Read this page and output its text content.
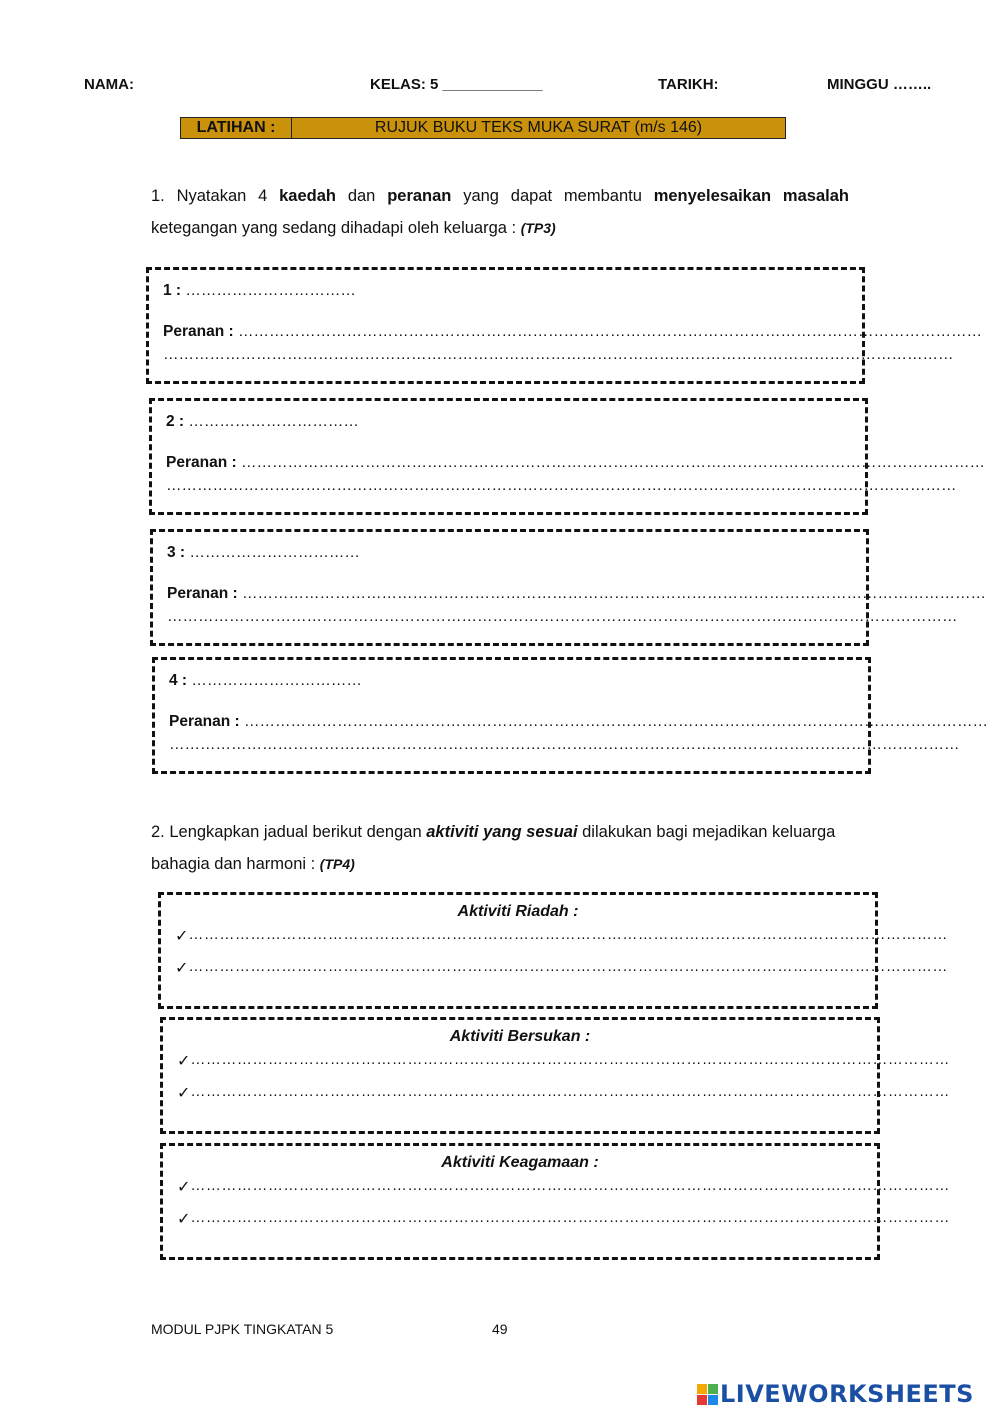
NAMA:	KELAS: 5 ____________	TARIKH:	MINGGU ……..
LATIHAN :	RUJUK BUKU TEKS MUKA SURAT (m/s 146)
1. Nyatakan 4 kaedah dan peranan yang dapat membantu menyelesaikan masalah ketegangan yang sedang dihadapi oleh keluarga : (TP3)
1 : ……………………………
Peranan : ………………………………………………………………………………………………………………………………
………………………………………………………………………………………………………………………………………
2 : ……………………………
Peranan : ………………………………………………………………………………………………………………………………
………………………………………………………………………………………………………………………………………
3 : ……………………………
Peranan : ………………………………………………………………………………………………………………………………
………………………………………………………………………………………………………………………………………
4 : ……………………………
Peranan : ………………………………………………………………………………………………………………………………
………………………………………………………………………………………………………………………………………
2. Lengkapkan jadual berikut dengan aktiviti yang sesuai dilakukan bagi mejadikan keluarga bahagia dan harmoni : (TP4)
Aktiviti Riadah :
✓ …………………………………………………………………………………………………………………………………
✓ …………………………………………………………………………………………………………………………………
Aktiviti Bersukan :
✓ …………………………………………………………………………………………………………………………………
✓ …………………………………………………………………………………………………………………………………
Aktiviti Keagamaan :
✓ …………………………………………………………………………………………………………………………………
✓ …………………………………………………………………………………………………………………………………
MODUL PJPK TINGKATAN 5	49
LIVEWORKSHEETS
